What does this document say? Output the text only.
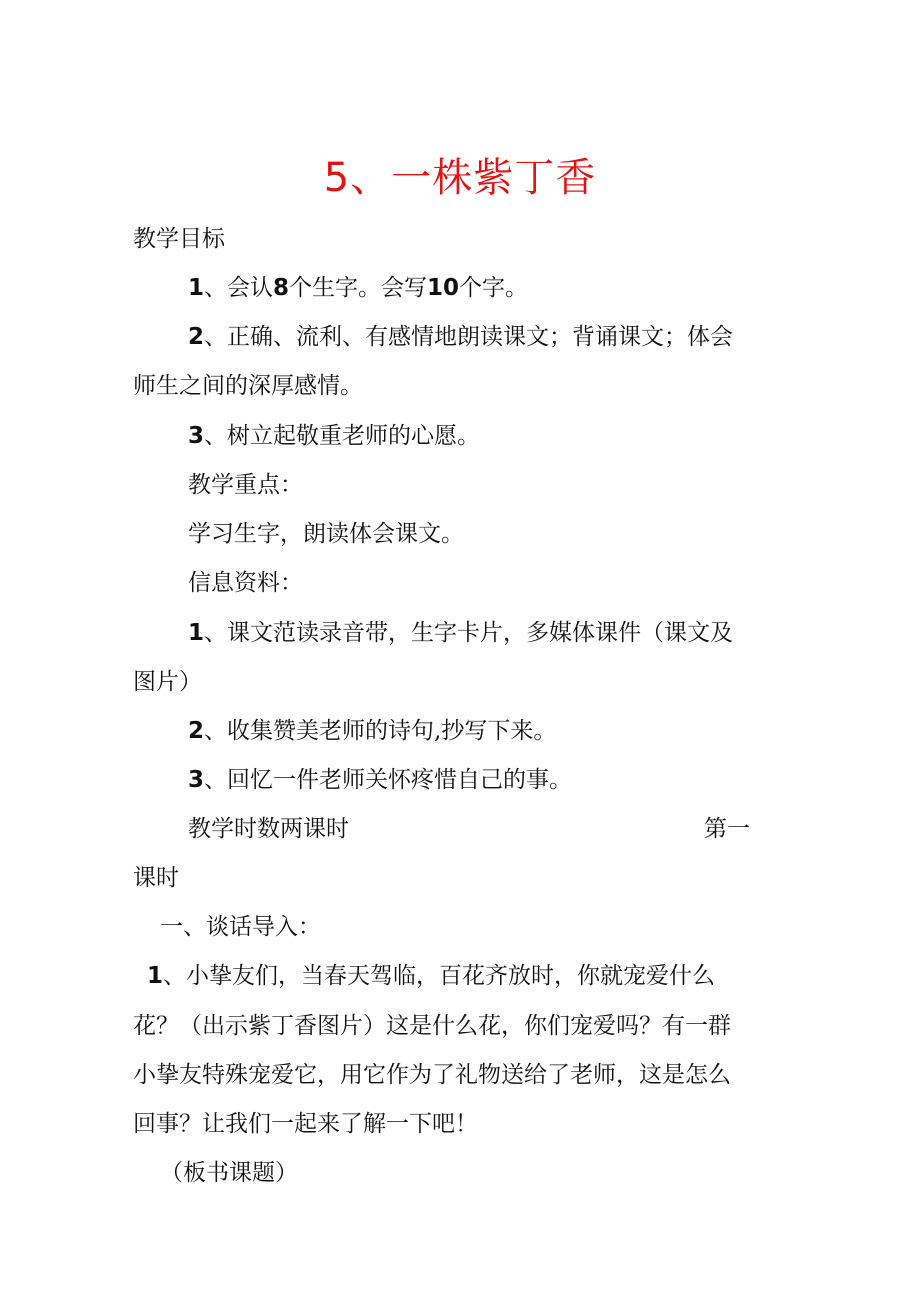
5、一株紫丁香

教学目标

1、会认8个生字。会写10个字。

2、正确、流利、有感情地朗读课文；背诵课文；体会

师生之间的深厚感情。

3、树立起敬重老师的心愿。

教学重点：

学习生字，朗读体会课文。

信息资料：

1、课文范读录音带，生字卡片，多媒体课件（课文及

图片）

2、收集赞美老师的诗句,抄写下来。

3、回忆一件老师关怀疼惜自己的事。

教学时数两课时	第一

课时

一、谈话导入：

1、小挚友们，当春天驾临，百花齐放时，你就宠爱什么

花？（出示紫丁香图片）这是什么花，你们宠爱吗？有一群

小挚友特殊宠爱它，用它作为了礼物送给了老师，这是怎么

回事？让我们一起来了解一下吧！

（板书课题）
